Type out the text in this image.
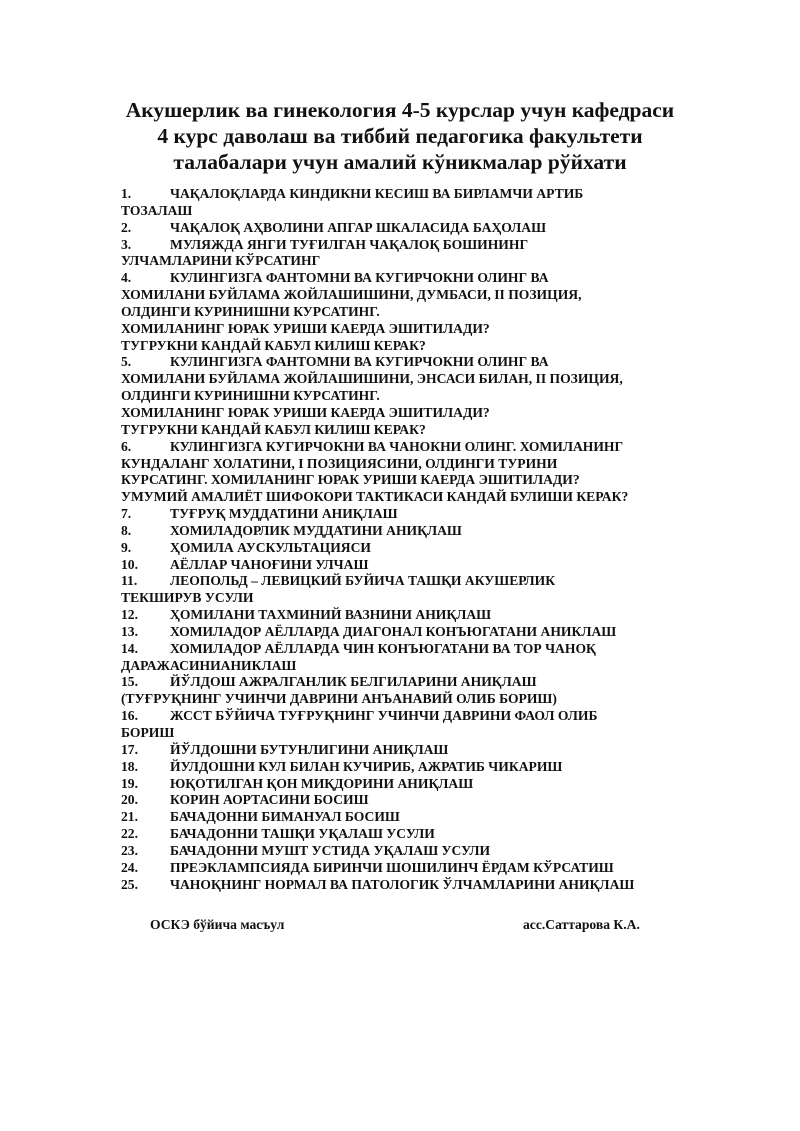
Акушерлик ва гинекология 4-5 курслар учун кафедраси
4 курс даволаш ва тиббий педагогика факультети
талабалари учун амалий кўникмалар рўйхати
1.	ЧАҚАЛОҚЛАРДА КИНДИКНИ КЕСИШ ВА БИРЛАМЧИ АРТИБ
ТОЗАЛАШ
2.	ЧАҚАЛОҚ АҲВОЛИНИ АПГАР ШКАЛАСИДА БАҲОЛАШ
3.	МУЛЯЖДА ЯНГИ ТУҒИЛГАН ЧАҚАЛОҚ БОШИНИНГ
УЛЧАМЛАРИНИ КЎРСАТИНГ
4.	КУЛИНГИЗГА ФАНТОМНИ ВА КУГИРЧОКНИ ОЛИНГ ВА
ХОМИЛАНИ БУЙЛАМА ЖОЙЛАШИШИНИ, ДУМБАСИ, II ПОЗИЦИЯ,
ОЛДИНГИ КУРИНИШНИ КУРСАТИНГ.
ХОМИЛАНИНГ ЮРАК УРИШИ КАЕРДА ЭШИТИЛАДИ?
ТУГРУКНИ КАНДАЙ КАБУЛ КИЛИШ КЕРАК?
5.	КУЛИНГИЗГА ФАНТОМНИ ВА КУГИРЧОКНИ ОЛИНГ ВА
ХОМИЛАНИ БУЙЛАМА ЖОЙЛАШИШИНИ, ЭНСАСИ БИЛАН, II ПОЗИЦИЯ,
ОЛДИНГИ КУРИНИШНИ КУРСАТИНГ.
ХОМИЛАНИНГ ЮРАК УРИШИ КАЕРДА ЭШИТИЛАДИ?
ТУГРУКНИ КАНДАЙ КАБУЛ КИЛИШ КЕРАК?
6.	КУЛИНГИЗГА КУГИРЧОКНИ ВА ЧАНОКНИ ОЛИНГ. ХОМИЛАНИНГ
КУНДАЛАНГ ХОЛАТИНИ, I ПОЗИЦИЯСИНИ, ОЛДИНГИ ТУРИНИ
КУРСАТИНГ. ХОМИЛАНИНГ ЮРАК УРИШИ КАЕРДА ЭШИТИЛАДИ?
УМУМИЙ АМАЛИЁТ ШИФОКОРИ ТАКТИКАСИ КАНДАЙ БУЛИШИ КЕРАК?
7.	ТУҒРУҚ МУДДАТИНИ АНИҚЛАШ
8.	ХОМИЛАДОРЛИК МУДДАТИНИ АНИҚЛАШ
9.	ҲОМИЛА АУСКУЛЬТАЦИЯСИ
10. АЁЛЛАР ЧАНОҒИНИ УЛЧАШ
11. ЛЕОПОЛЬД – ЛЕВИЦКИЙ БУЙИЧА ТАШҚИ АКУШЕРЛИК
ТЕКШИРУВ УСУЛИ
12. ҲОМИЛАНИ ТАХМИНИЙ ВАЗНИНИ АНИҚЛАШ
13. ХОМИЛАДОР АЁЛЛАРДА ДИАГОНАЛ КОНЪЮГАТАНИ АНИКЛАШ
14. ХОМИЛАДОР АЁЛЛАРДА ЧИН КОНЪЮГАТАНИ ВА ТОР ЧАНОҚ
ДАРАЖАСИНИАНИКЛАШ
15. ЙЎЛДОШ АЖРАЛГАНЛИК БЕЛГИЛАРИНИ АНИҚЛАШ
(ТУҒРУҚНИНГ УЧИНЧИ ДАВРИНИ АНЪАНАВИЙ ОЛИБ БОРИШ)
16. ЖССТ БЎЙИЧА ТУҒРУҚНИНГ УЧИНЧИ ДАВРИНИ ФАОЛ ОЛИБ
БОРИШ
17. ЙЎЛДОШНИ БУТУНЛИГИНИ АНИҚЛАШ
18. ЙУЛДОШНИ КУЛ БИЛАН КУЧИРИБ, АЖРАТИБ ЧИКАРИШ
19. ЮҚОТИЛГАН ҚОН МИҚДОРИНИ АНИҚЛАШ
20. КОРИН АОРТАСИНИ БОСИШ
21. БАЧАДОННИ БИМАНУАЛ БОСИШ
22. БАЧАДОННИ ТАШҚИ УҚАЛАШ УСУЛИ
23. БАЧАДОННИ МУШТ УСТИДА УҚАЛАШ УСУЛИ
24. ПРЕЭКЛАМПСИЯДА БИРИНЧИ ШОШИЛИНЧ ЁРДАМ КЎРСАТИШ
25. ЧАНОҚНИНГ НОРМАЛ ВА ПАТОЛОГИК ЎЛЧАМЛАРИНИ АНИҚЛАШ
ОСКЭ бўйича масъул	асс.Саттарова К.А.
